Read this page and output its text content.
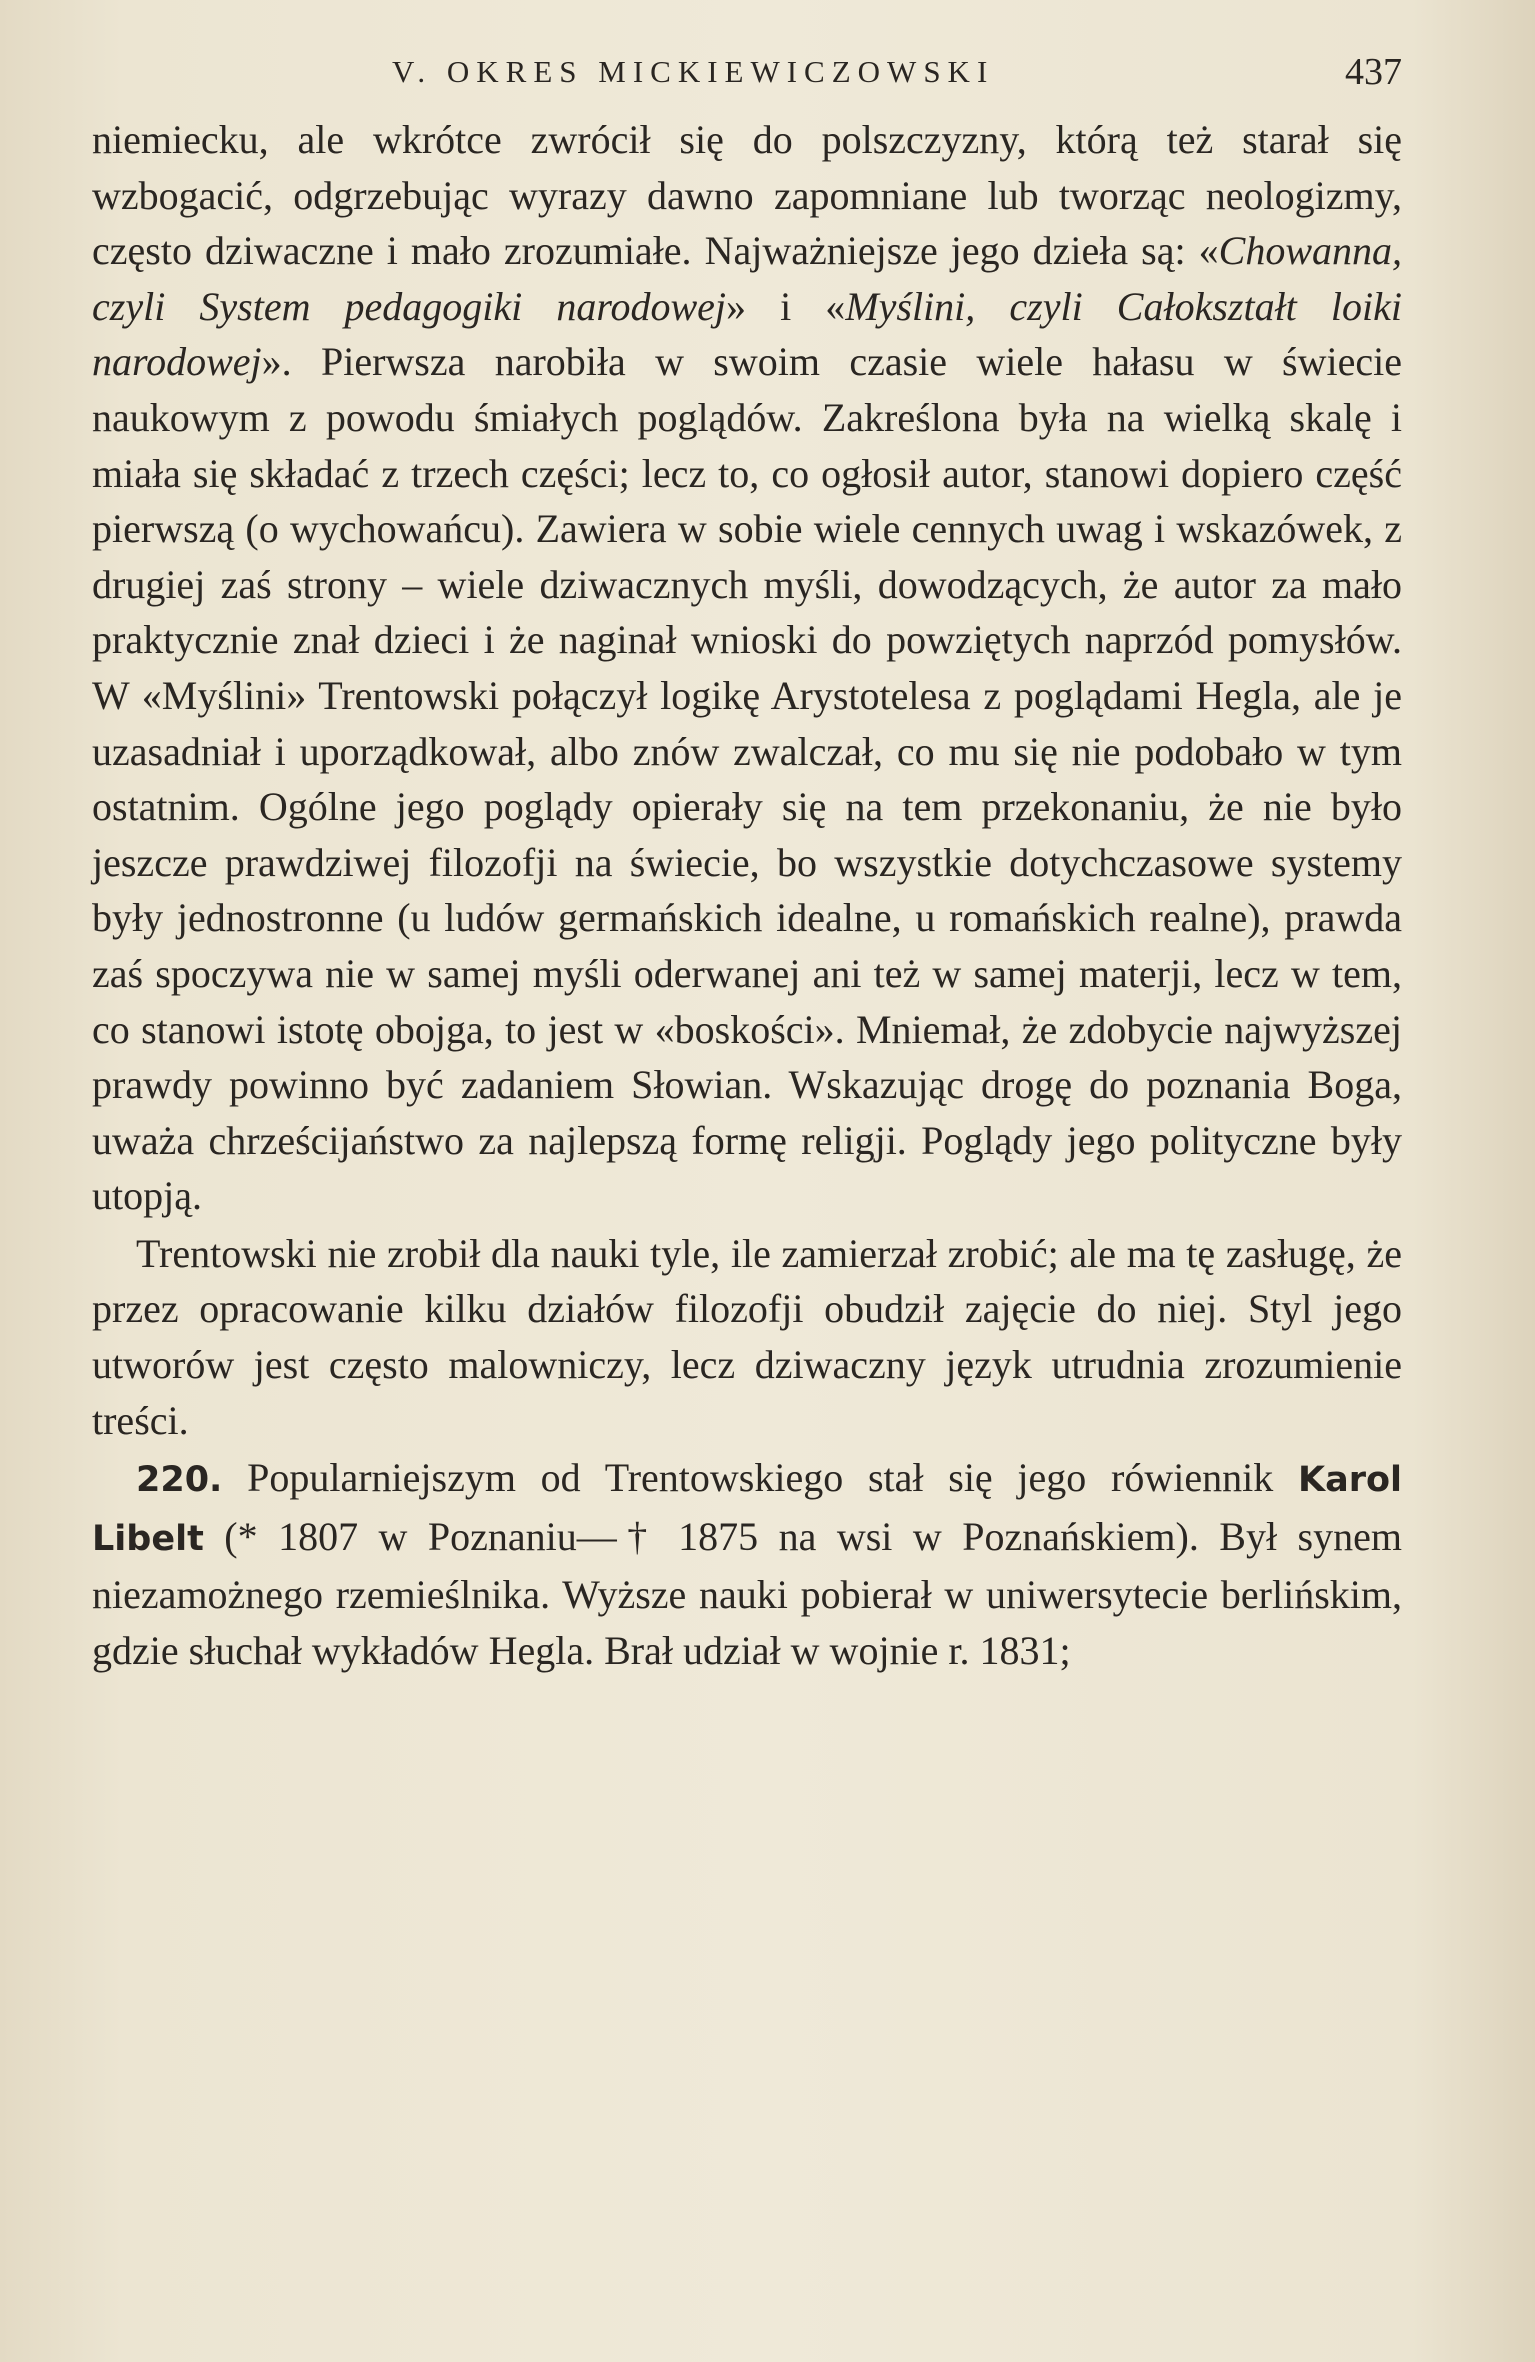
V. OKRES MICKIEWICZOWSKI	437

niemiecku, ale wkrótce zwrócił się do polszczyzny, którą też starał się wzbogacić, odgrzebując wyrazy dawno zapomniane lub tworząc neologizmy, często dziwaczne i mało zrozumiałe. Najważniejsze jego dzieła są: «Chowanna, czyli System pedagogiki narodowej» i «Myślini, czyli Całokształt loiki narodowej». Pierwsza narobiła w swoim czasie wiele hałasu w świecie naukowym z powodu śmiałych poglądów. Zakreślona była na wielką skalę i miała się składać z trzech części; lecz to, co ogłosił autor, stanowi dopiero część pierwszą (o wychowańcu). Zawiera w sobie wiele cennych uwag i wskazówek, z drugiej zaś strony – wiele dziwacznych myśli, dowodzących, że autor za mało praktycznie znał dzieci i że naginał wnioski do powziętych naprzód pomysłów. W «Myślini» Trentowski połączył logikę Arystotelesa z poglądami Hegla, ale je uzasadniał i uporządkował, albo znów zwalczał, co mu się nie podobało w tym ostatnim. Ogólne jego poglądy opierały się na tem przekonaniu, że nie było jeszcze prawdziwej filozofji na świecie, bo wszystkie dotychczasowe systemy były jednostronne (u ludów germańskich idealne, u romańskich realne), prawda zaś spoczywa nie w samej myśli oderwanej ani też w samej materji, lecz w tem, co stanowi istotę obojga, to jest w «boskości». Mniemał, że zdobycie najwyższej prawdy powinno być zadaniem Słowian. Wskazując drogę do poznania Boga, uważa chrześcijaństwo za najlepszą formę religji. Poglądy jego polityczne były utopją.

Trentowski nie zrobił dla nauki tyle, ile zamierzał zrobić; ale ma tę zasługę, że przez opracowanie kilku działów filozofji obudził zajęcie do niej. Styl jego utworów jest często malowniczy, lecz dziwaczny język utrudnia zrozumienie treści.

220. Popularniejszym od Trentowskiego stał się jego rówiennik Karol Libelt (* 1807 w Poznaniu—† 1875 na wsi w Poznańskiem). Był synem niezamożnego rzemieślnika. Wyższe nauki pobierał w uniwersytecie berlińskim, gdzie słuchał wykładów Hegla. Brał udział w wojnie r. 1831;
